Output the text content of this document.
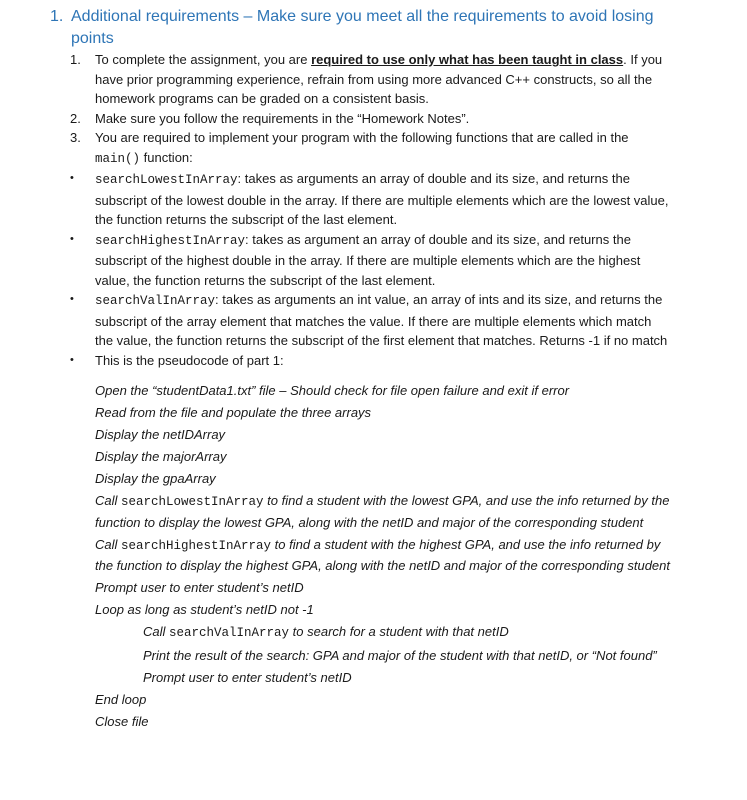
1. Additional requirements – Make sure you meet all the requirements to avoid losing points
1. To complete the assignment, you are required to use only what has been taught in class. If you have prior programming experience, refrain from using more advanced C++ constructs, so all the homework programs can be graded on a consistent basis.
2. Make sure you follow the requirements in the “Homework Notes”.
3. You are required to implement your program with the following functions that are called in the main() function:
• searchLowestInArray: takes as arguments an array of double and its size, and returns the subscript of the lowest double in the array. If there are multiple elements which are the lowest value, the function returns the subscript of the last element.
• searchHighestInArray: takes as argument an array of double and its size, and returns the subscript of the highest double in the array. If there are multiple elements which are the highest value, the function returns the subscript of the last element.
• searchValInArray: takes as arguments an int value, an array of ints and its size, and returns the subscript of the array element that matches the value. If there are multiple elements which match the value, the function returns the subscript of the first element that matches. Returns -1 if no match
• This is the pseudocode of part 1:
Open the “studentData1.txt” file – Should check for file open failure and exit if error
Read from the file and populate the three arrays
Display the netIDArray
Display the majorArray
Display the gpaArray
Call searchLowestInArray to find a student with the lowest GPA, and use the info returned by the function to display the lowest GPA, along with the netID and major of the corresponding student
Call searchHighestInArray to find a student with the highest GPA, and use the info returned by the function to display the highest GPA, along with the netID and major of the corresponding student
Prompt user to enter student’s netID
Loop as long as student’s netID not -1
Call searchValInArray to search for a student with that netID
Print the result of the search: GPA and major of the student with that netID, or “Not found”
Prompt user to enter student’s netID
End loop
Close file
